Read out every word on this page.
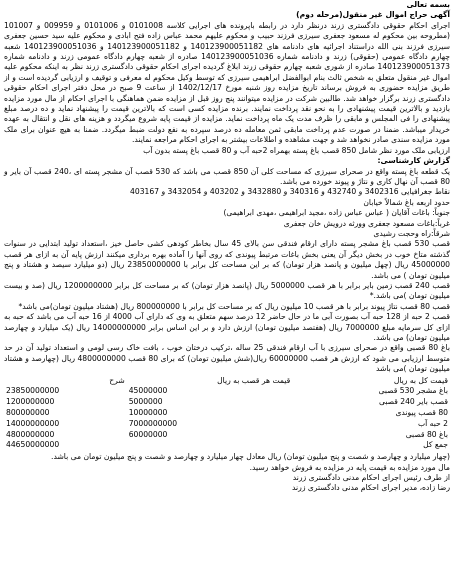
بسمه تعالی

آگهی حراج اموال غیر منقول(مرحله دوم)

اجرای احکام حقوقی دادگستری زرند درنظر دارد در رابطه باپرونده های اجرایی کلاسه 0101008 و 0101006 و 009959 و 101007 (مطروحه بین محکوم له مسعود جعفری سیرزی فرزند حبیب و محکوم علیهم محمد عباس زاده فتح ابادی و محکوم علیه سید حسین جعفری سیرزی فرزند بنی الله دراستناد اجرائیه های دادنامه های 140123900051182 و 140123900051182 و 140123900051036 شعبه چهارم دادگاه عمومی (حقوقی) زرند و دادنامه شماره 140123900051036 صادره از شعبه چهارم دادگاه عمومی زرند و دادنامه شماره 140123900051373 صادره از شوری شعبه چهارم حقوقی زرند ابلاغ گردیده اجرای احکام حقوقی دادگستری زرند نظر به اینکه محکوم علیه اموال غیر منقول متعلق به شخص ثالث بنام ابوالفضل ابراهیمی سیرزی که توسط وکیل محکوم له معرفی و توقیف و ارزیابی گردیده است و از طریق مزایده حضوری به فروش برساند تاریخ مزایده روز شنبه مورخ 1402/12/17 از ساعت 9 صبح در محل دفتر اجرای احکام حقوقی دادگستری زرند برگزار خواهد شد. طالبین شرکت در مزایده میتوانند پنج روز قبل از مزایده ضمن هماهنگی با اجرای احکام از مال مورد مزایده بازدید و بالاترین قیمت پیشنهادی را به نحو نقد پرداخت نمایند. برنده مزایده کسی است که بالاترین قیمت را پیشنهاد نماید و ده درصد مبلغ پیشنهادی را فی المجلس و مابقی را ظرف مدت یک ماه پرداخت نماید. مزایده از قیمت پایه شروع میگردد و هزینه های نقل و انتقال به عهده خریدار میباشد. ضمنا در صورت عدم پرداخت مابقی ثمن معامله ده درصد سپرده به نفع دولت ضبط میگردد. ضمنا به هیچ عنوان برای ملک مورد مزایده سندی صادر نخواهد شد و جهت مشاهده و اطلاعات بیشتر به اجرای احکام مراجعه نمایند.

ارزیابی ملک مورد نظر شامل 850 قصب باغ پسته بهمراه 2حبه آب و 80 قصب باغ پسته بدون آب

گزارش کارشناسی:

یک قطعه باغ پسته واقع در صحرای سیرزی که مساحت کلی آن 850 قصب می باشد که 530 قصب آن مشجر پسته ای ،240 قصب آن بایر و 80 قصب آن نهال کاری و نتاژ و پیوند خورده می باشد.

نقاط جغرافیایی 3402316 و 432740 و 340316 و 3432880 و 403202 و 3432054 و 403167

حدود اربعه باغ شمالاً خیابان

جنوباً: باغات آقایان ( عباس عباس زاده ،مجید ابراهیمی ،مهدی ابراهیمی)

غرباً:باغات مسعود جعفری وورثه درویش خان جعفری

شرقاً:راه وحجت رشیدی

قصب 530 قصب باغ مشجر پسته دارای ارقام فندقی سن بالای 45 سال بخاطر کودهی کشی حاصل خیز ،استعداد تولید ابتدایی در سنوات گذشته متاخ خوب در بخش دیگر آن یعنی بخش باغات مرتبط پیوندی که روی آنها را آماده بهره برداری میکنند ارزش پایه آن به ازای هر قصب 45000000 ریال (چهل میلیون و پانصد هزار تومان) که بر این مساحت کل برابر با 23850000000 ریال (دو میلیارد سیصد و هشتاد و پنج میلیون تومان ) می باشد.

قصب 240 قصب زمین بایر برابر با هر قصب 5000000 ریال (پانصد هزار تومان) که بر مساحت کل برابر 1200000000 ریال (صد و بیست میلیون تومان )می باشد.*

قصب 80 قصب نتاژ پیوند برابر با هر قصب 10 میلیون ریال که بر مساحت کل برابر با 800000000 ریال (هشتاد میلیون تومان)می باشد*

قصب 2 حبه از 128 حبه آب بصورت آبی ما در حال حاضر 12 درصد سهم متعلق به وی که دارای آب 4000 از 16 حبه آب می باشد که حبه به ازای کل سرمایه مبلغ 7000000 ریال (هفتصد میلیون تومان) ارزش دارد و بر این اساس برابر 14000000000 ریال (یک میلیارد و چهارصد میلیون تومان) می باشد.

باغ 80 قصبی واقع در صحرای سیرزی با آب ارقام فندقی 25 ساله ،ترکیب درختان خوب ، بافت خاک رسی لومی و استعداد تولید آن در حد متوسط ارزیابی می شود که ارزش هر قصب 60000000 ریال(شش میلیون تومان) که برای 80 قصب 4800000000 ریال (چهارصد و هشتاد میلیون تومان )می باشد

قیمت کل به ریال	قیمت هر قصب به ریال	شرح
باغ مشجر 530 قصبی	45000000	23850000000
قصب بایر 240 قصبی	5000000	1200000000
80 قصب پیوندی	10000000	800000000
2 حبه آب	7000000000	14000000000
باغ 80 قصبی	60000000	4800000000
جمع کل		44650000000

(چهار میلیارد و چهارصد و شصت و پنج میلیون تومان) ریال معادل چهار میلیارد و چهارصد و شصت و پنج میلیون تومان می باشد.

مال مورد مزایده به قیمت پایه در مزایده به فروش خواهد رسید.

از طرف رئیس اجرای احکام مدنی دادگستری زرند

رضا زاده، مدیر اجرای احکام مدنی دادگستری زرند
